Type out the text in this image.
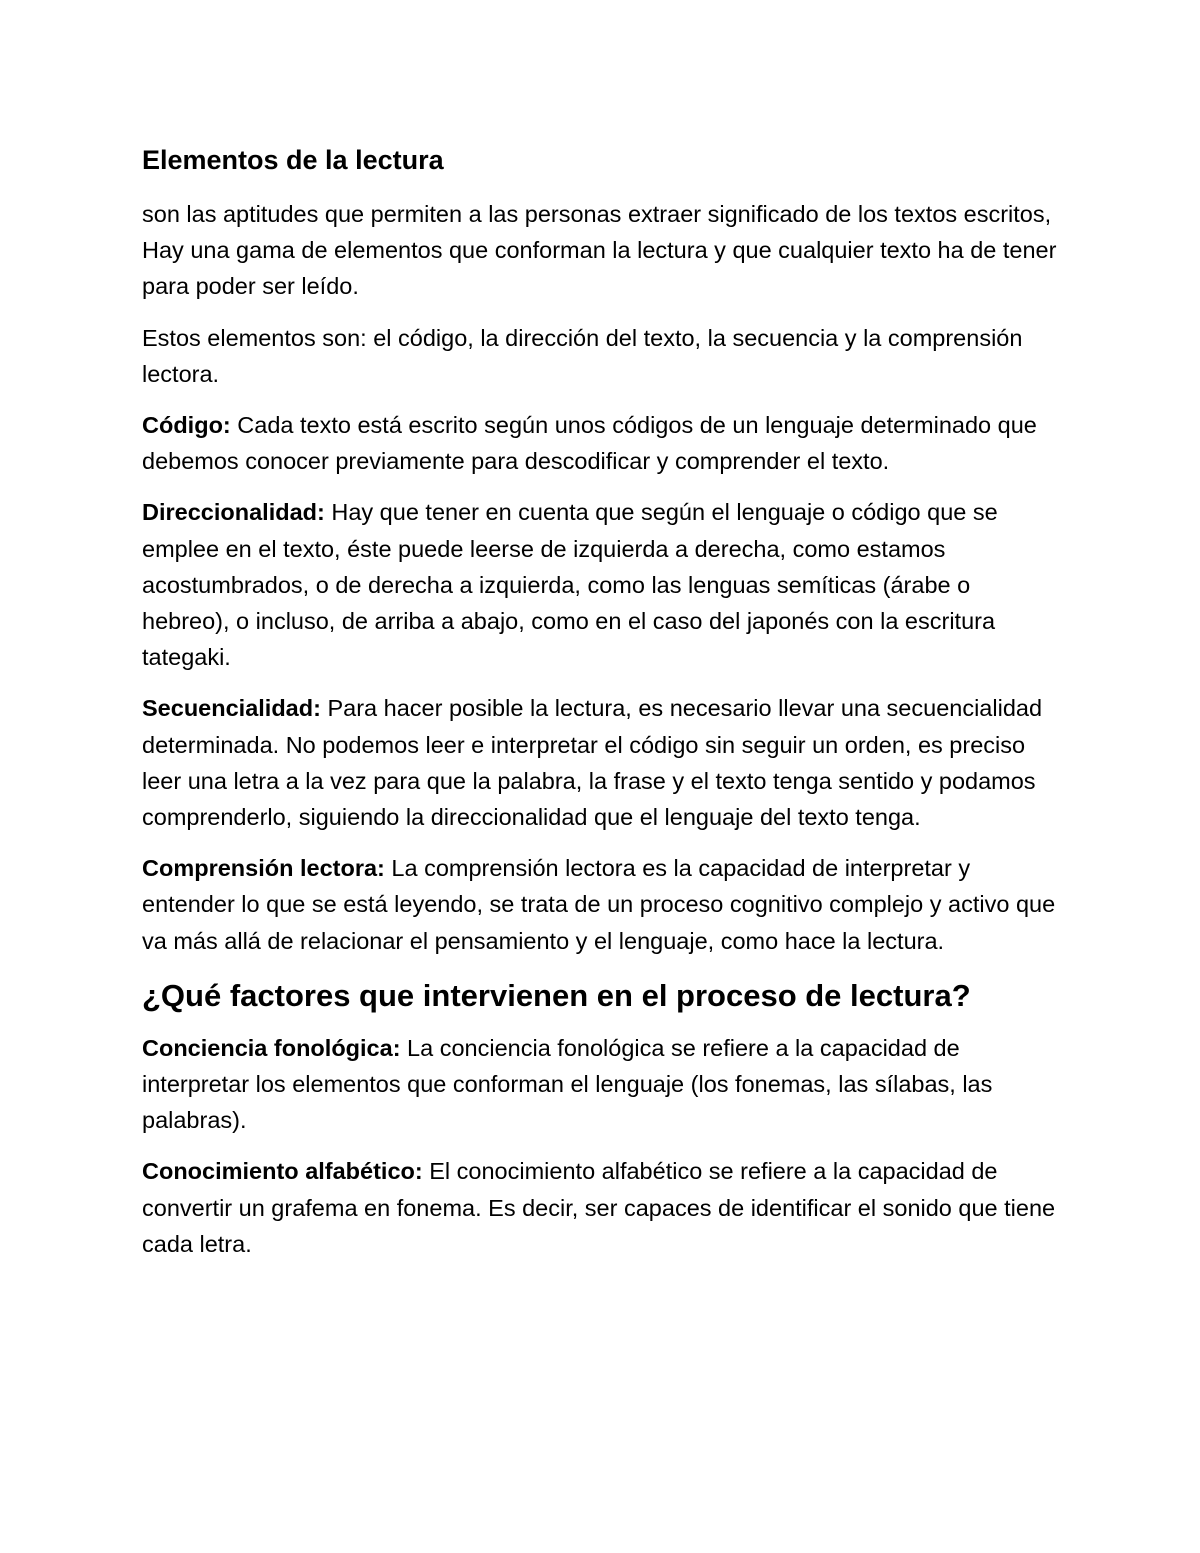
Elementos de la lectura

son las aptitudes que permiten a las personas extraer significado de los textos escritos, Hay una gama de elementos que conforman la lectura y que cualquier texto ha de tener para poder ser leído.

Estos elementos son: el código, la dirección del texto, la secuencia y la comprensión lectora.

Código: Cada texto está escrito según unos códigos de un lenguaje determinado que debemos conocer previamente para descodificar y comprender el texto.

Direccionalidad: Hay que tener en cuenta que según el lenguaje o código que se emplee en el texto, éste puede leerse de izquierda a derecha, como estamos acostumbrados, o de derecha a izquierda, como las lenguas semíticas (árabe o hebreo), o incluso, de arriba a abajo, como en el caso del japonés con la escritura tategaki.

Secuencialidad: Para hacer posible la lectura, es necesario llevar una secuencialidad determinada. No podemos leer e interpretar el código sin seguir un orden, es preciso leer una letra a la vez para que la palabra, la frase y el texto tenga sentido y podamos comprenderlo, siguiendo la direccionalidad que el lenguaje del texto tenga.

Comprensión lectora: La comprensión lectora es la capacidad de interpretar y entender lo que se está leyendo, se trata de un proceso cognitivo complejo y activo que va más allá de relacionar el pensamiento y el lenguaje, como hace la lectura.

¿Qué factores que intervienen en el proceso de lectura?

Conciencia fonológica: La conciencia fonológica se refiere a la capacidad de interpretar los elementos que conforman el lenguaje (los fonemas, las sílabas, las palabras).

Conocimiento alfabético: El conocimiento alfabético se refiere a la capacidad de convertir un grafema en fonema. Es decir, ser capaces de identificar el sonido que tiene cada letra.
